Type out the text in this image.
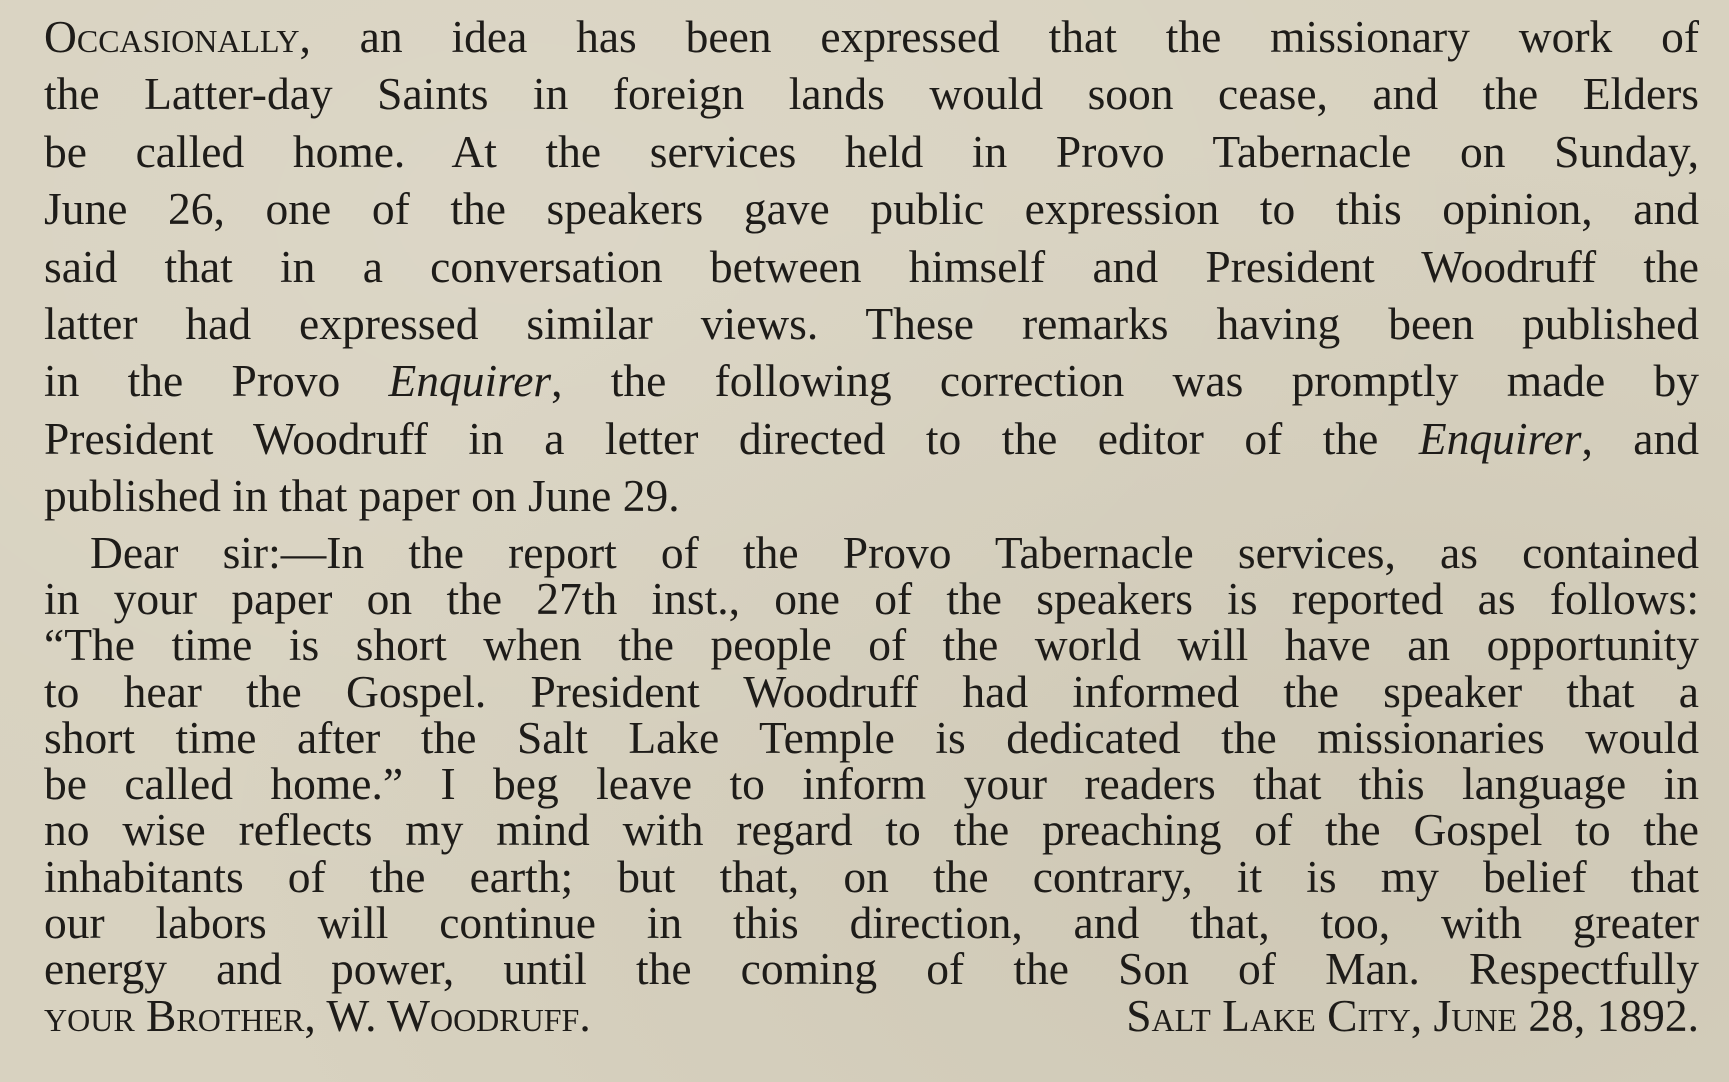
Occasionally, an idea has been expressed that the missionary work of
the Latter-day Saints in foreign lands would soon cease, and the Elders
be called home. At the services held in Provo Tabernacle on Sunday,
June 26, one of the speakers gave public expression to this opinion, and
said that in a conversation between himself and President Woodruff the
latter had expressed similar views. These remarks having been published
in the Provo Enquirer, the following correction was promptly made by
President Woodruff in a letter directed to the editor of the Enquirer, and
published in that paper on June 29.
Dear sir:—In the report of the Provo Tabernacle services, as contained
in your paper on the 27th inst., one of the speakers is reported as follows:
“The time is short when the people of the world will have an opportunity
to hear the Gospel. President Woodruff had informed the speaker that a
short time after the Salt Lake Temple is dedicated the missionaries would
be called home.” I beg leave to inform your readers that this language in
no wise reflects my mind with regard to the preaching of the Gospel to the
inhabitants of the earth; but that, on the contrary, it is my belief that
our labors will continue in this direction, and that, too, with greater
energy and power, until the coming of the Son of Man. Respectfully
your Brother, W. Woodruff.	Salt Lake City, June 28, 1892.
